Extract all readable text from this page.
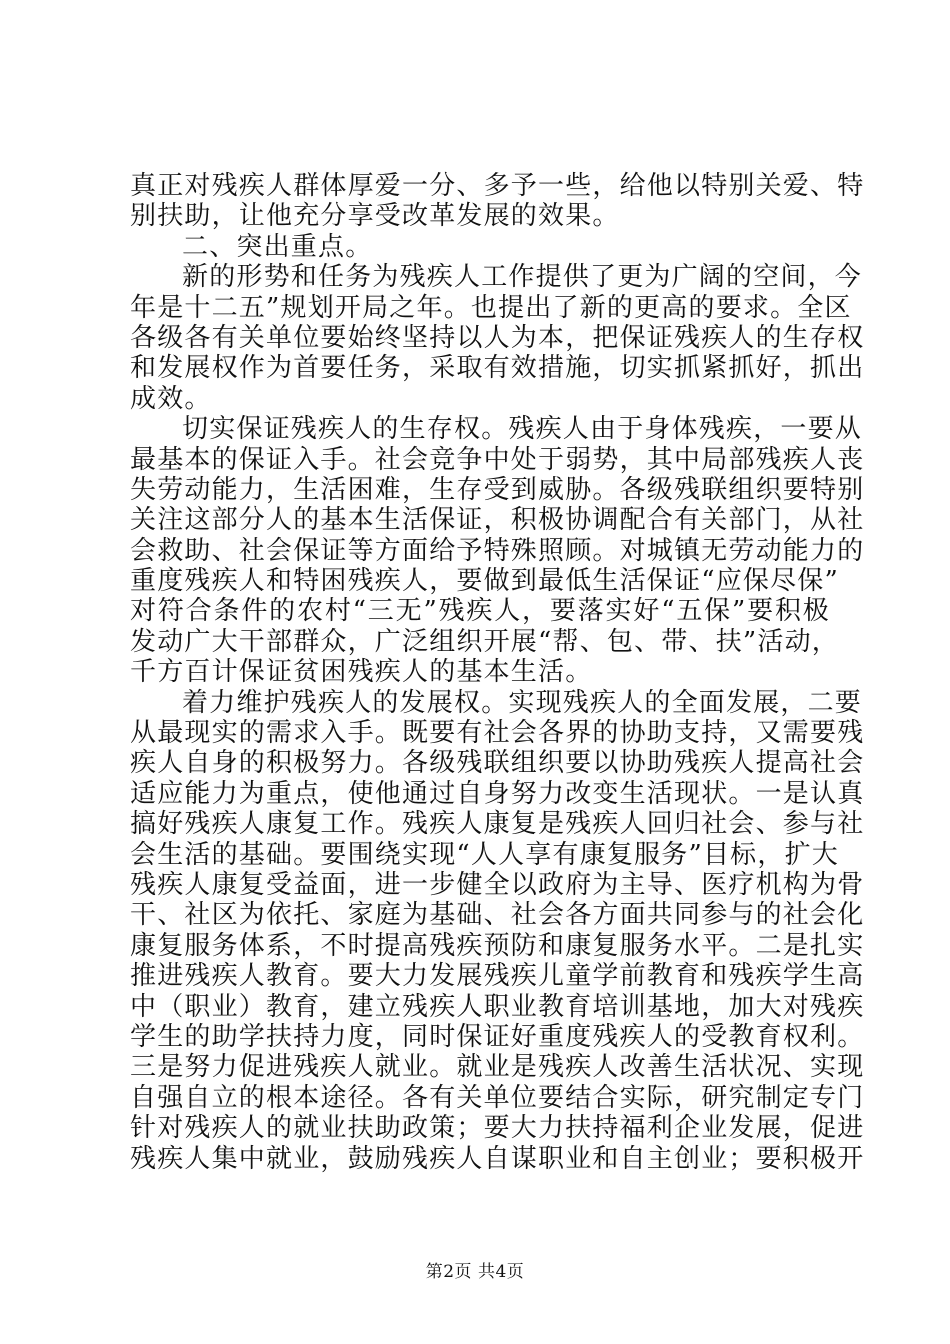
真正对残疾人群体厚爱一分、多予一些，给他以特别关爱、特
别扶助，让他充分享受改革发展的效果。
二、突出重点。
新的形势和任务为残疾人工作提供了更为广阔的空间，今
年是十二五”规划开局之年。也提出了新的更高的要求。全区
各级各有关单位要始终坚持以人为本，把保证残疾人的生存权
和发展权作为首要任务，采取有效措施，切实抓紧抓好，抓出
成效。
切实保证残疾人的生存权。残疾人由于身体残疾，一要从
最基本的保证入手。社会竞争中处于弱势，其中局部残疾人丧
失劳动能力，生活困难，生存受到威胁。各级残联组织要特别
关注这部分人的基本生活保证，积极协调配合有关部门，从社
会救助、社会保证等方面给予特殊照顾。对城镇无劳动能力的
重度残疾人和特困残疾人，要做到最低生活保证“应保尽保”
对符合条件的农村“三无”残疾人，要落实好“五保”要积极
发动广大干部群众，广泛组织开展“帮、包、带、扶”活动，
千方百计保证贫困残疾人的基本生活。
着力维护残疾人的发展权。实现残疾人的全面发展，二要
从最现实的需求入手。既要有社会各界的协助支持，又需要残
疾人自身的积极努力。各级残联组织要以协助残疾人提高社会
适应能力为重点，使他通过自身努力改变生活现状。一是认真
搞好残疾人康复工作。残疾人康复是残疾人回归社会、参与社
会生活的基础。要围绕实现“人人享有康复服务”目标，扩大
残疾人康复受益面，进一步健全以政府为主导、医疗机构为骨
干、社区为依托、家庭为基础、社会各方面共同参与的社会化
康复服务体系，不时提高残疾预防和康复服务水平。二是扎实
推进残疾人教育。要大力发展残疾儿童学前教育和残疾学生高
中（职业）教育，建立残疾人职业教育培训基地，加大对残疾
学生的助学扶持力度，同时保证好重度残疾人的受教育权利。
三是努力促进残疾人就业。就业是残疾人改善生活状况、实现
自强自立的根本途径。各有关单位要结合实际，研究制定专门
针对残疾人的就业扶助政策；要大力扶持福利企业发展，促进
残疾人集中就业，鼓励残疾人自谋职业和自主创业；要积极开
第2页 共4页
